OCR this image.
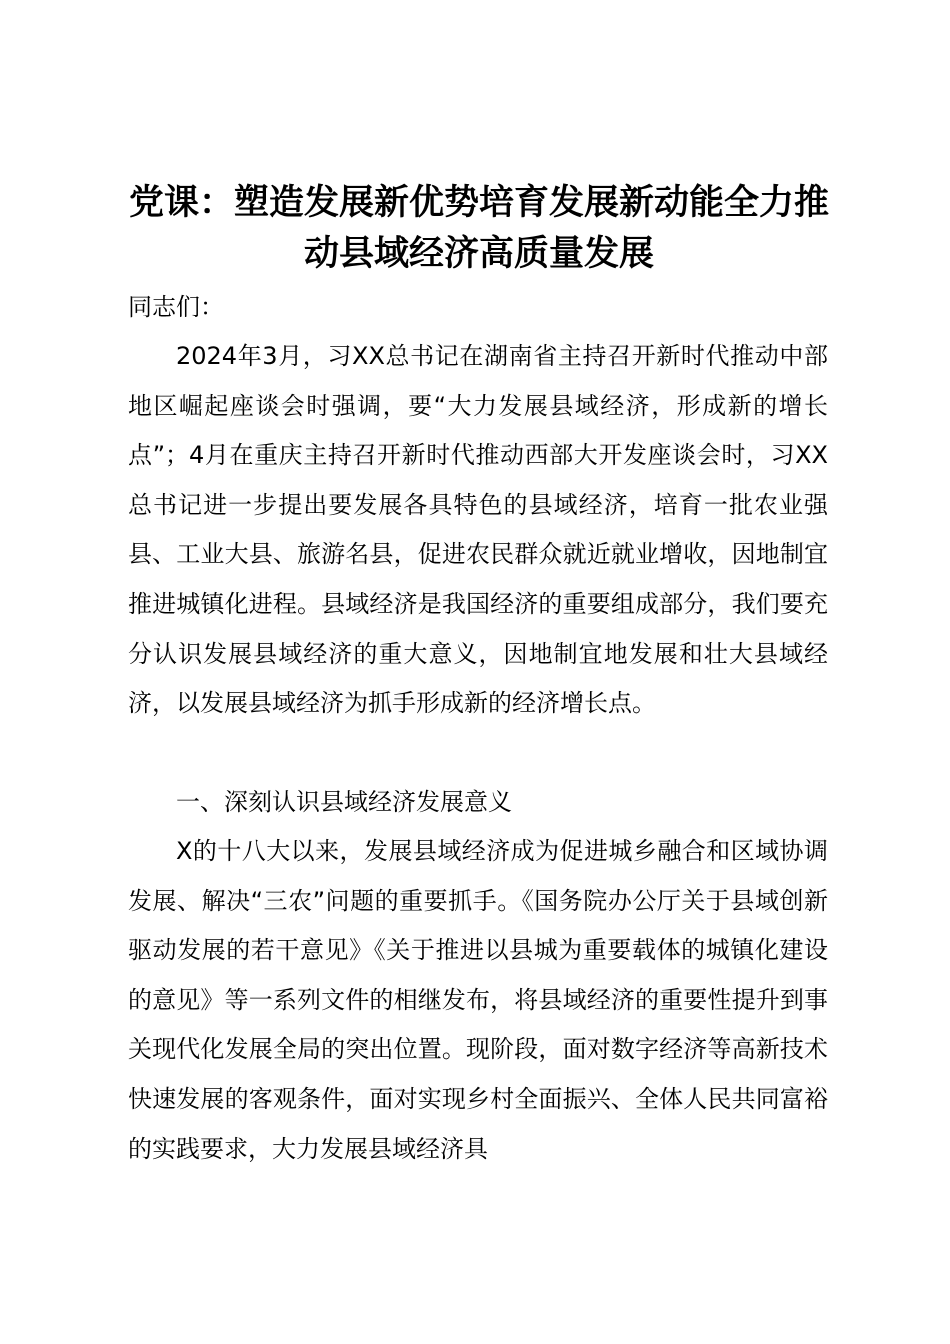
党课：塑造发展新优势培育发展新动能全力推动县域经济高质量发展

同志们：

2024年3月，习XX总书记在湖南省主持召开新时代推动中部地区崛起座谈会时强调，要“大力发展县域经济，形成新的增长点”；4月在重庆主持召开新时代推动西部大开发座谈会时，习XX总书记进一步提出要发展各具特色的县域经济，培育一批农业强县、工业大县、旅游名县，促进农民群众就近就业增收，因地制宜推进城镇化进程。县域经济是我国经济的重要组成部分，我们要充分认识发展县域经济的重大意义，因地制宜地发展和壮大县域经济，以发展县域经济为抓手形成新的经济增长点。

一、深刻认识县域经济发展意义

X的十八大以来，发展县域经济成为促进城乡融合和区域协调发展、解决“三农”问题的重要抓手。《国务院办公厅关于县域创新驱动发展的若干意见》《关于推进以县城为重要载体的城镇化建设的意见》等一系列文件的相继发布，将县域经济的重要性提升到事关现代化发展全局的突出位置。现阶段，面对数字经济等高新技术快速发展的客观条件，面对实现乡村全面振兴、全体人民共同富裕的实践要求，大力发展县域经济具
